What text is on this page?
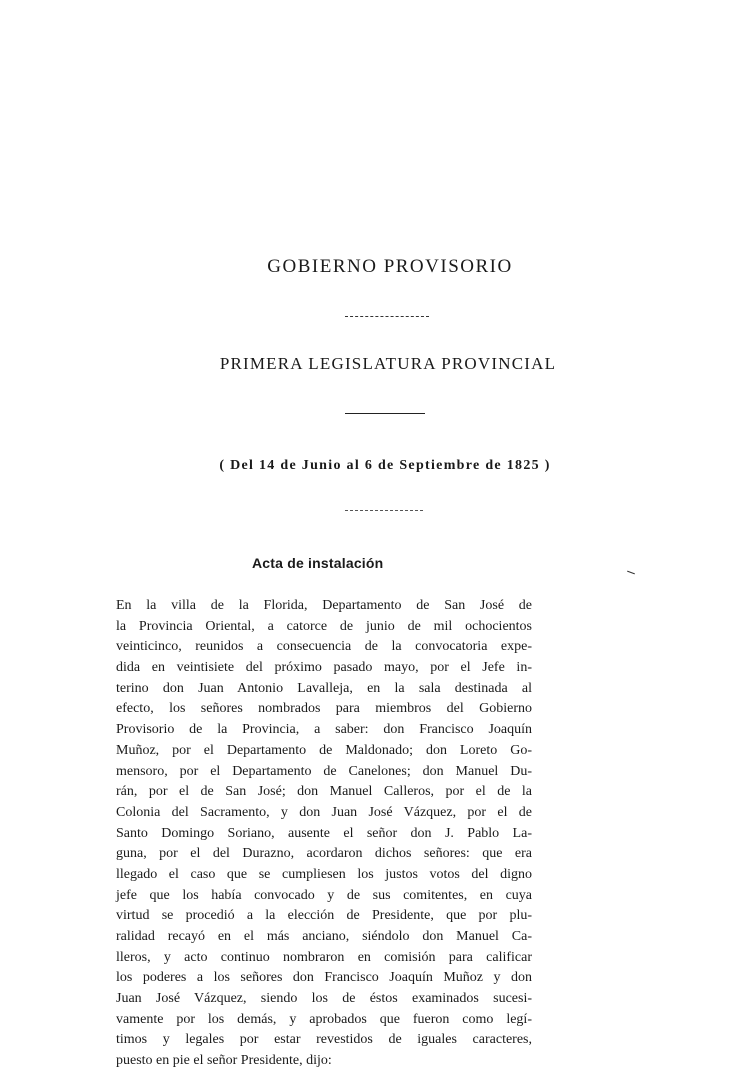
GOBIERNO PROVISORIO
PRIMERA LEGISLATURA PROVINCIAL

( Del 14 de Junio al 6 de Septiembre de 1825 )

Acta de instalación
En la villa de la Florida, Departamento de San José de
la Provincia Oriental, a catorce de junio de mil ochocientos
veinticinco, reunidos a consecuencia de la convocatoria expe-
dida en veintisiete del próximo pasado mayo, por el Jefe in-
terino don Juan Antonio Lavalleja, en la sala destinada al
efecto, los señores nombrados para miembros del Gobierno
Provisorio de la Provincia, a saber: don Francisco Joaquín
Muñoz, por el Departamento de Maldonado; don Loreto Go-
mensoro, por el Departamento de Canelones; don Manuel Du-
rán, por el de San José; don Manuel Calleros, por el de la
Colonia del Sacramento, y don Juan José Vázquez, por el de
Santo Domingo Soriano, ausente el señor don J. Pablo La-
guna, por el del Durazno, acordaron dichos señores: que era
llegado el caso que se cumpliesen los justos votos del digno
jefe que los había convocado y de sus comitentes, en cuya
virtud se procedió a la elección de Presidente, que por plu-
ralidad recayó en el más anciano, siéndolo don Manuel Ca-
lleros, y acto continuo nombraron en comisión para calificar
los poderes a los señores don Francisco Joaquín Muñoz y don
Juan José Vázquez, siendo los de éstos examinados sucesi-
vamente por los demás, y aprobados que fueron como legí-
timos y legales por estar revestidos de iguales caracteres,
puesto en pie el señor Presidente, dijo:
